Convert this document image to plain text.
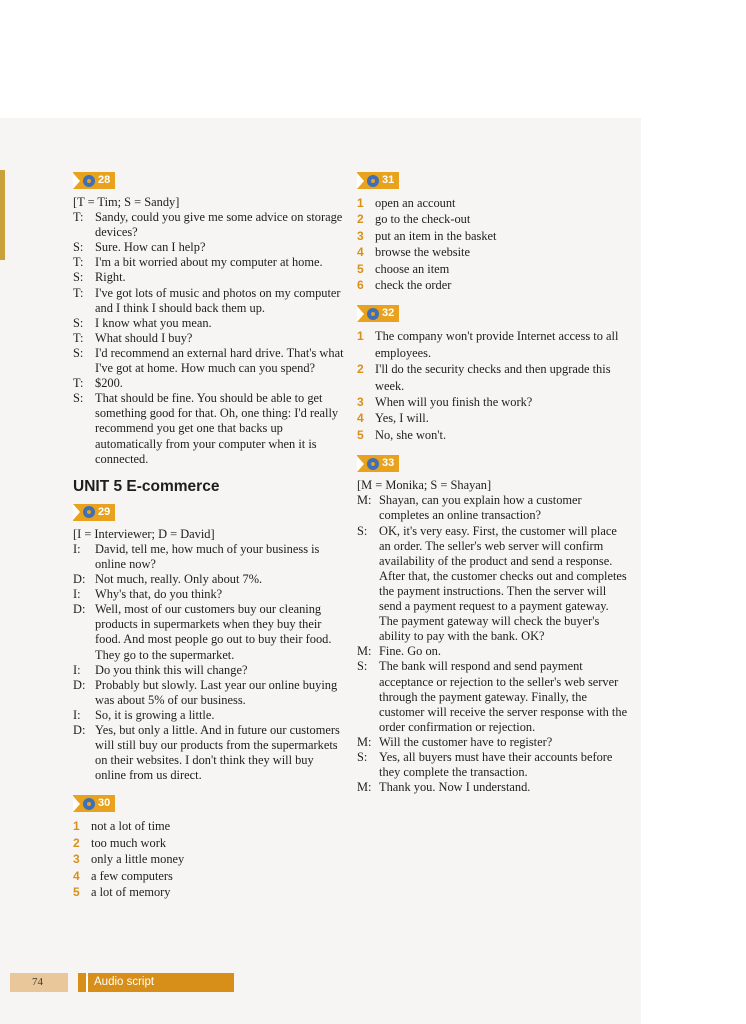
28
[T = Tim; S = Sandy]
T: Sandy, could you give me some advice on storage devices?
S: Sure. How can I help?
T: I'm a bit worried about my computer at home.
S: Right.
T: I've got lots of music and photos on my computer and I think I should back them up.
S: I know what you mean.
T: What should I buy?
S: I'd recommend an external hard drive. That's what I've got at home. How much can you spend?
T: $200.
S: That should be fine. You should be able to get something good for that. Oh, one thing: I'd really recommend you get one that backs up automatically from your computer when it is connected.
UNIT 5 E-commerce
29
[I = Interviewer; D = David]
I:	David, tell me, how much of your business is online now?
D: Not much, really. Only about 7%.
I:	Why's that, do you think?
D: Well, most of our customers buy our cleaning products in supermarkets when they buy their food. And most people go out to buy their food. They go to the supermarket.
I:	Do you think this will change?
D: Probably but slowly. Last year our online buying was about 5% of our business.
I:	So, it is growing a little.
D: Yes, but only a little. And in future our customers will still buy our products from the supermarkets on their websites. I don't think they will buy online from us direct.
30
1 not a lot of time
2 too much work
3 only a little money
4 a few computers
5 a lot of memory
31
1 open an account
2 go to the check-out
3 put an item in the basket
4 browse the website
5 choose an item
6 check the order
32
1 The company won't provide Internet access to all employees.
2 I'll do the security checks and then upgrade this week.
3 When will you finish the work?
4 Yes, I will.
5 No, she won't.
33
[M = Monika; S = Shayan]
M: Shayan, can you explain how a customer completes an online transaction?
S: OK, it's very easy. First, the customer will place an order. The seller's web server will confirm availability of the product and send a response. After that, the customer checks out and completes the payment instructions. Then the server will send a payment request to a payment gateway. The payment gateway will check the buyer's ability to pay with the bank. OK?
M: Fine. Go on.
S: The bank will respond and send payment acceptance or rejection to the seller's web server through the payment gateway. Finally, the customer will receive the server response with the order confirmation or rejection.
M: Will the customer have to register?
S: Yes, all buyers must have their accounts before they complete the transaction.
M: Thank you. Now I understand.
74	Audio script
